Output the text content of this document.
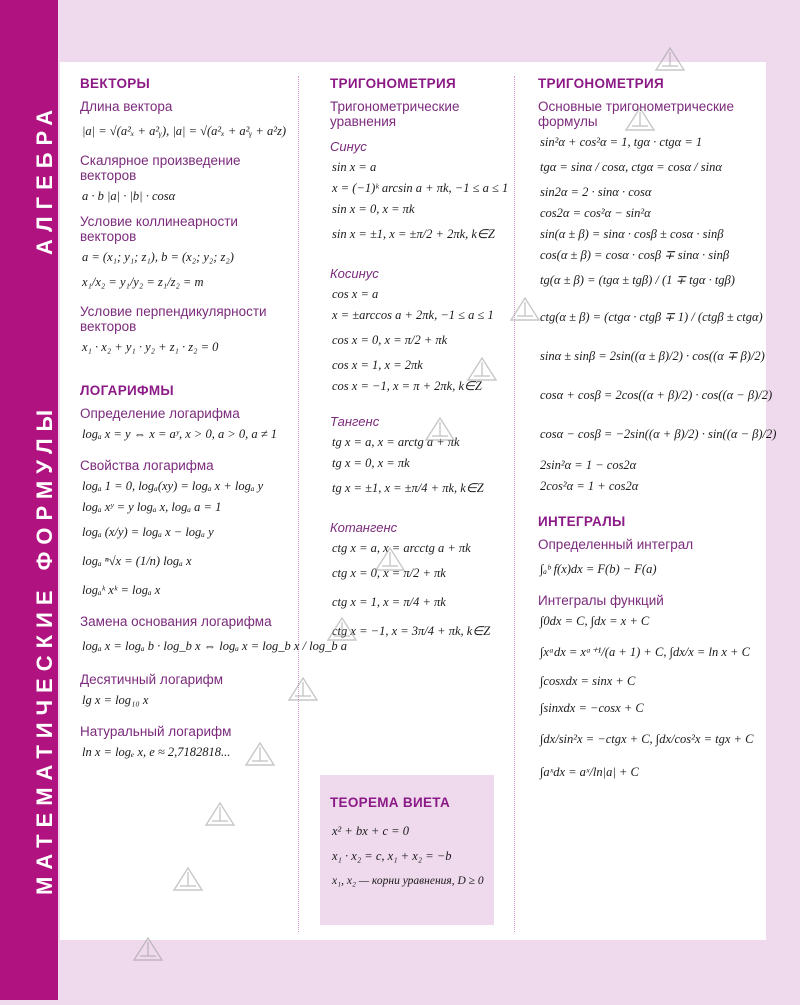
АЛГЕБРА
МАТЕМАТИЧЕСКИЕ ФОРМУЛЫ
ВЕКТОРЫ
Длина вектора
|a| = √(a²ₓ + a²ᵧ), |a| = √(a²ₓ + a²ᵧ + a²z)
Скалярное произведение векторов
a · b |a| · |b| · cosα
Условие коллинеарности векторов
a = (x₁; y₁; z₁), b = (x₂; y₂; z₂)
x₁/x₂ = y₁/y₂ = z₁/z₂ = m
Условие перпендикулярности векторов
x₁ · x₂ + y₁ · y₂ + z₁ · z₂ = 0
ЛОГАРИФМЫ
Определение логарифма
logₐ x = y ⇔ x = aʸ, x > 0, a > 0, a ≠ 1
Свойства логарифма
logₐ 1 = 0, logₐ(xy) = logₐ x + logₐ y
logₐ xʸ = y logₐ x, logₐ a = 1
logₐ (x/y) = logₐ x − logₐ y
logₐ ⁿ√x = (1/n) logₐ x
logₐᵏ xᵏ = logₐ x
Замена основания логарифма
logₐ x = logₐ b · log_b x ⇔ logₐ x = log_b x / log_b a
Десятичный логарифм
lg x = log₁₀ x
Натуральный логарифм
ln x = logₑ x, e ≈ 2,7182818...
ТРИГОНОМЕТРИЯ
Тригонометрические уравнения
Синус
sin x = a
x = (−1)ᵏ arcsin a + πk, −1 ≤ a ≤ 1
sin x = 0, x = πk
sin x = ±1, x = ±π/2 + 2πk, k∈Z
Косинус
cos x = a
x = ±arccos a + 2πk, −1 ≤ a ≤ 1
cos x = 0, x = π/2 + πk
cos x = 1, x = 2πk
cos x = −1, x = π + 2πk, k∈Z
Тангенс
tg x = a, x = arctg a + πk
tg x = 0, x = πk
tg x = ±1, x = ±π/4 + πk, k∈Z
Котангенс
ctg x = a, x = arcctg a + πk
ctg x = 0, x = π/2 + πk
ctg x = 1, x = π/4 + πk
ctg x = −1, x = 3π/4 + πk, k∈Z
ТЕОРЕМА ВИЕТА
x² + bx + c = 0
x₁ · x₂ = c, x₁ + x₂ = −b
x₁, x₂ — корни уравнения, D ≥ 0
ТРИГОНОМЕТРИЯ
Основные тригонометрические формулы
sin²α + cos²α = 1, tgα · ctgα = 1
tgα = sinα / cosα, ctgα = cosα / sinα
sin2α = 2 · sinα · cosα
cos2α = cos²α − sin²α
sin(α ± β) = sinα · cosβ ± cosα · sinβ
cos(α ± β) = cosα · cosβ ∓ sinα · sinβ
tg(α ± β) = (tgα ± tgβ) / (1 ∓ tgα · tgβ)
ctg(α ± β) = (ctgα · ctgβ ∓ 1) / (ctgβ ± ctgα)
sinα ± sinβ = 2sin((α ± β)/2) · cos((α ∓ β)/2)
cosα + cosβ = 2cos((α + β)/2) · cos((α − β)/2)
cosα − cosβ = −2sin((α + β)/2) · sin((α − β)/2)
2sin²α = 1 − cos2α
2cos²α = 1 + cos2α
ИНТЕГРАЛЫ
Определенный интеграл
∫ₐᵇ f(x)dx = F(b) − F(a)
Интегралы функций
∫0dx = C, ∫dx = x + C
∫xᵃdx = xᵃ⁺¹/(a + 1) + C, ∫dx/x = ln x + C
∫cosxdx = sinx + C
∫sinxdx = −cosx + C
∫dx/sin²x = −ctgx + C, ∫dx/cos²x = tgx + C
∫aˣdx = aˣ/ln|a| + C
